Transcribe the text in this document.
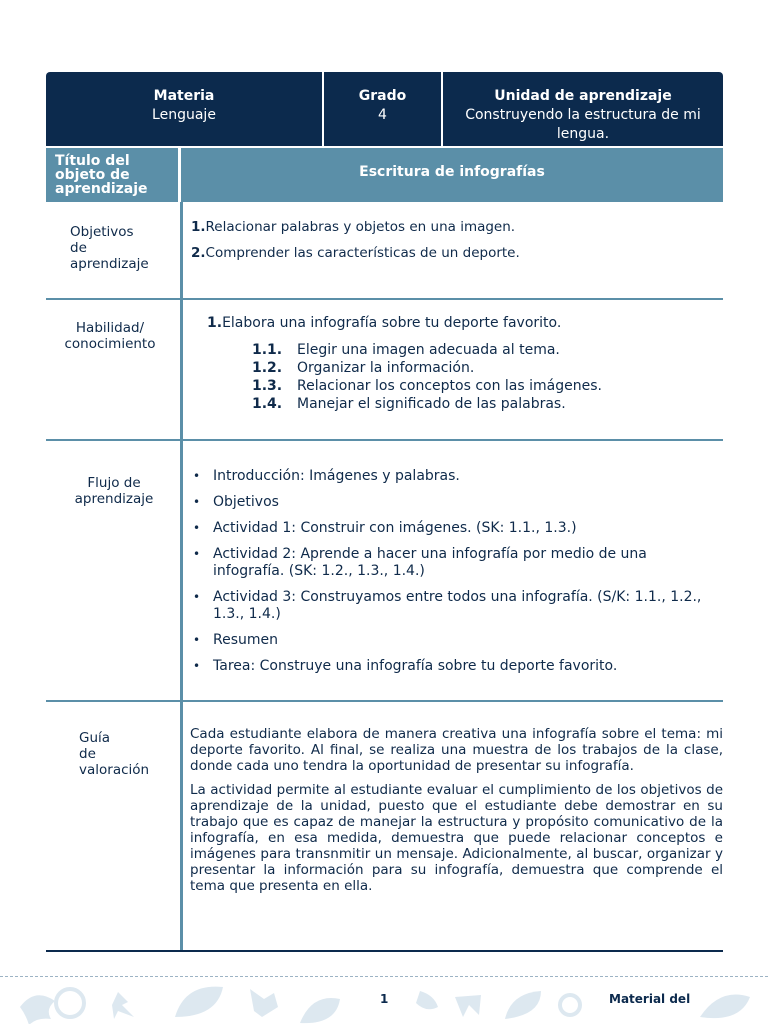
Materia
Lenguaje
Grado
4
Unidad de aprendizaje
Construyendo la estructura de mi lengua.
Título del objeto de aprendizaje
Escritura de infografías
Objetivos de aprendizaje
1.Relacionar palabras y objetos en una imagen.
2.Comprender las características de un deporte.
Habilidad/ conocimiento
1.Elabora una infografía sobre tu deporte favorito.
1.1. Elegir una imagen adecuada al tema.
1.2. Organizar la información.
1.3. Relacionar los conceptos con las imágenes.
1.4. Manejar el significado de las palabras.
Flujo de aprendizaje
• Introducción: Imágenes y palabras.
• Objetivos
• Actividad 1: Construir con imágenes. (SK: 1.1., 1.3.)
• Actividad 2: Aprende a hacer una infografía por medio de una infografía. (SK: 1.2., 1.3., 1.4.)
• Actividad 3: Construyamos entre todos una infografía. (S/K: 1.1., 1.2., 1.3., 1.4.)
• Resumen
• Tarea: Construye una infografía sobre tu deporte favorito.
Guía de valoración

Cada estudiante elabora de manera creativa una infografía sobre el tema: mi deporte favorito. Al final, se realiza una muestra de los trabajos de la clase, donde cada uno tendra la oportunidad de presentar su infografía.

La actividad permite al estudiante evaluar el cumplimiento de los objetivos de aprendizaje de la unidad, puesto que el estudiante debe demostrar en su trabajo que es capaz de manejar la estructura y propósito comunicativo de la infografía, en esa medida, demuestra que puede relacionar conceptos e imágenes para transnmitir un mensaje. Adicionalmente, al buscar, organizar y presentar la información para su infografía, demuestra que comprende el tema que presenta en ella.

1	Material del
